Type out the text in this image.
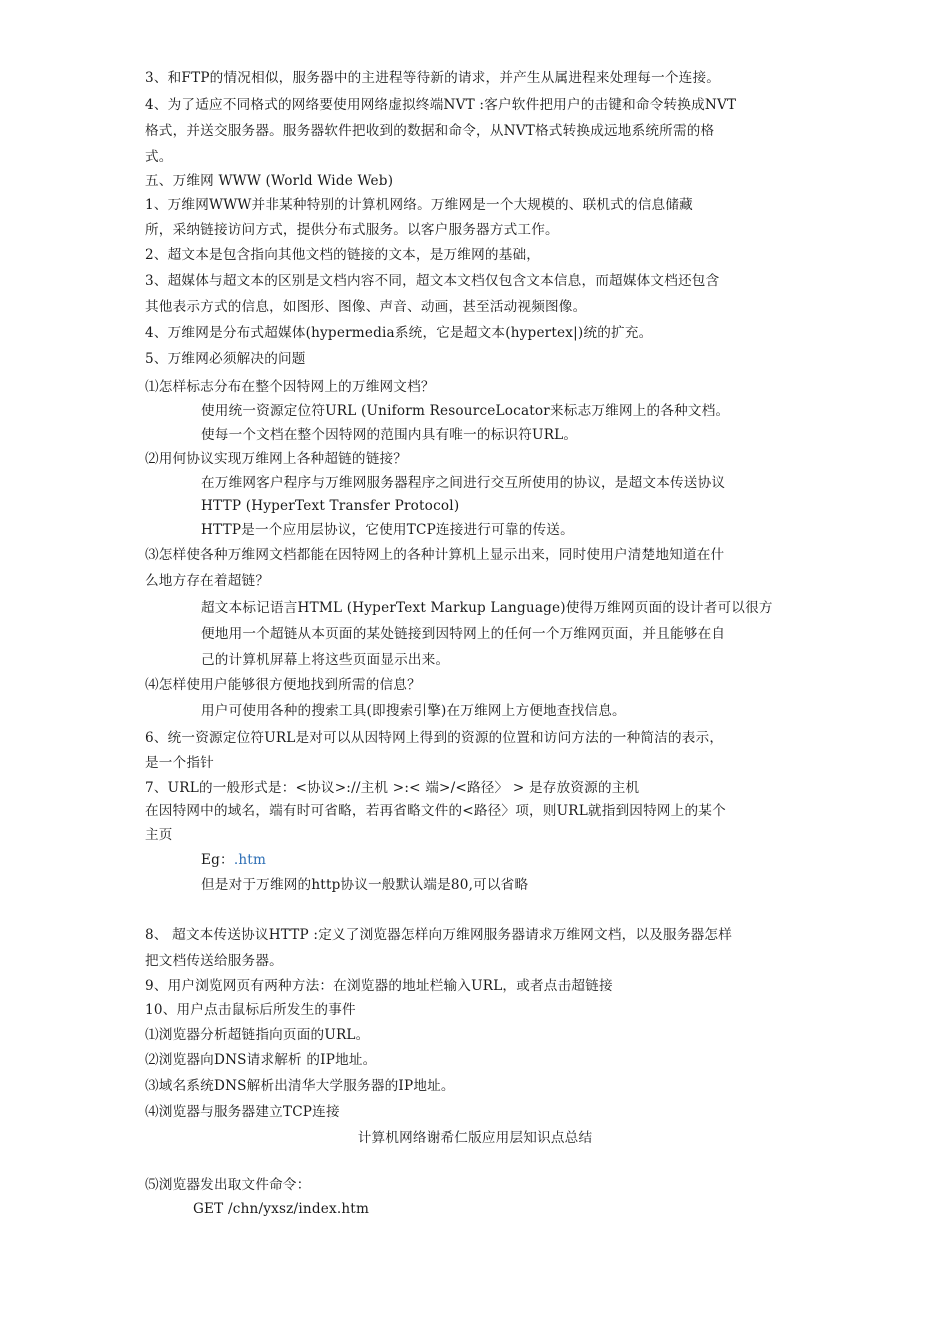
3、和FTP的情况相似，服务器中的主进程等待新的请求，并产生从属进程来处理每一个连接。
4、为了适应不同格式的网络要使用网络虚拟终端NVT :客户软件把用户的击键和命令转换成NVT
格式，并送交服务器。服务器软件把收到的数据和命令，从NVT格式转换成远地系统所需的格
式。
五、万维网 WWW (World Wide Web)
1、万维网WWW并非某种特别的计算机网络。万维网是一个大规模的、联机式的信息储藏
所，采纳链接访问方式，提供分布式服务。以客户服务器方式工作。
2、超文本是包含指向其他文档的链接的文本，是万维网的基础，
3、超媒体与超文本的区别是文档内容不同，超文本文档仅包含文本信息，而超媒体文档还包含
其他表示方式的信息，如图形、图像、声音、动画，甚至活动视频图像。
4、万维网是分布式超媒体(hypermedia系统，它是超文本(hypertex|)统的扩充。
5、万维网必须解决的问题
⑴怎样标志分布在整个因特网上的万维网文档？
使用统一资源定位符URL (Uniform ResourceLocator来标志万维网上的各种文档。
使每一个文档在整个因特网的范围内具有唯一的标识符URL。
⑵用何协议实现万维网上各种超链的链接？
在万维网客户程序与万维网服务器程序之间进行交互所使用的协议，是超文本传送协议
HTTP (HyperText Transfer Protocol)
HTTP是一个应用层协议，它使用TCP连接进行可靠的传送。
⑶怎样使各种万维网文档都能在因特网上的各种计算机上显示出来，同时使用户清楚地知道在什
么地方存在着超链？
超文本标记语言HTML (HyperText Markup Language)使得万维网页面的设计者可以很方
便地用一个超链从本页面的某处链接到因特网上的任何一个万维网页面，并且能够在自
己的计算机屏幕上将这些页面显示出来。
⑷怎样使用户能够很方便地找到所需的信息？
用户可使用各种的搜索工具(即搜索引擎)在万维网上方便地查找信息。
6、统一资源定位符URL是对可以从因特网上得到的资源的位置和访问方法的一种简洁的表示，
是一个指针
7、URL的一般形式是：<协议>://主机 >:< 端>/<路径〉 > 是存放资源的主机
在因特网中的域名，端有时可省略，若再省略文件的<路径〉项，则URL就指到因特网上的某个
主页
Eg：.htm
但是对于万维网的http协议一般默认端是80,可以省略
8、 超文本传送协议HTTP :定义了浏览器怎样向万维网服务器请求万维网文档，以及服务器怎样
把文档传送给服务器。
9、用户浏览网页有两种方法：在浏览器的地址栏输入URL，或者点击超链接
10、用户点击鼠标后所发生的事件
⑴浏览器分析超链指向页面的URL。
⑵浏览器向DNS请求解析 的IP地址。
⑶域名系统DNS解析出清华大学服务器的IP地址。
⑷浏览器与服务器建立TCP连接
计算机网络谢希仁版应用层知识点总结
⑸浏览器发出取文件命令：
GET /chn/yxsz/index.htm
